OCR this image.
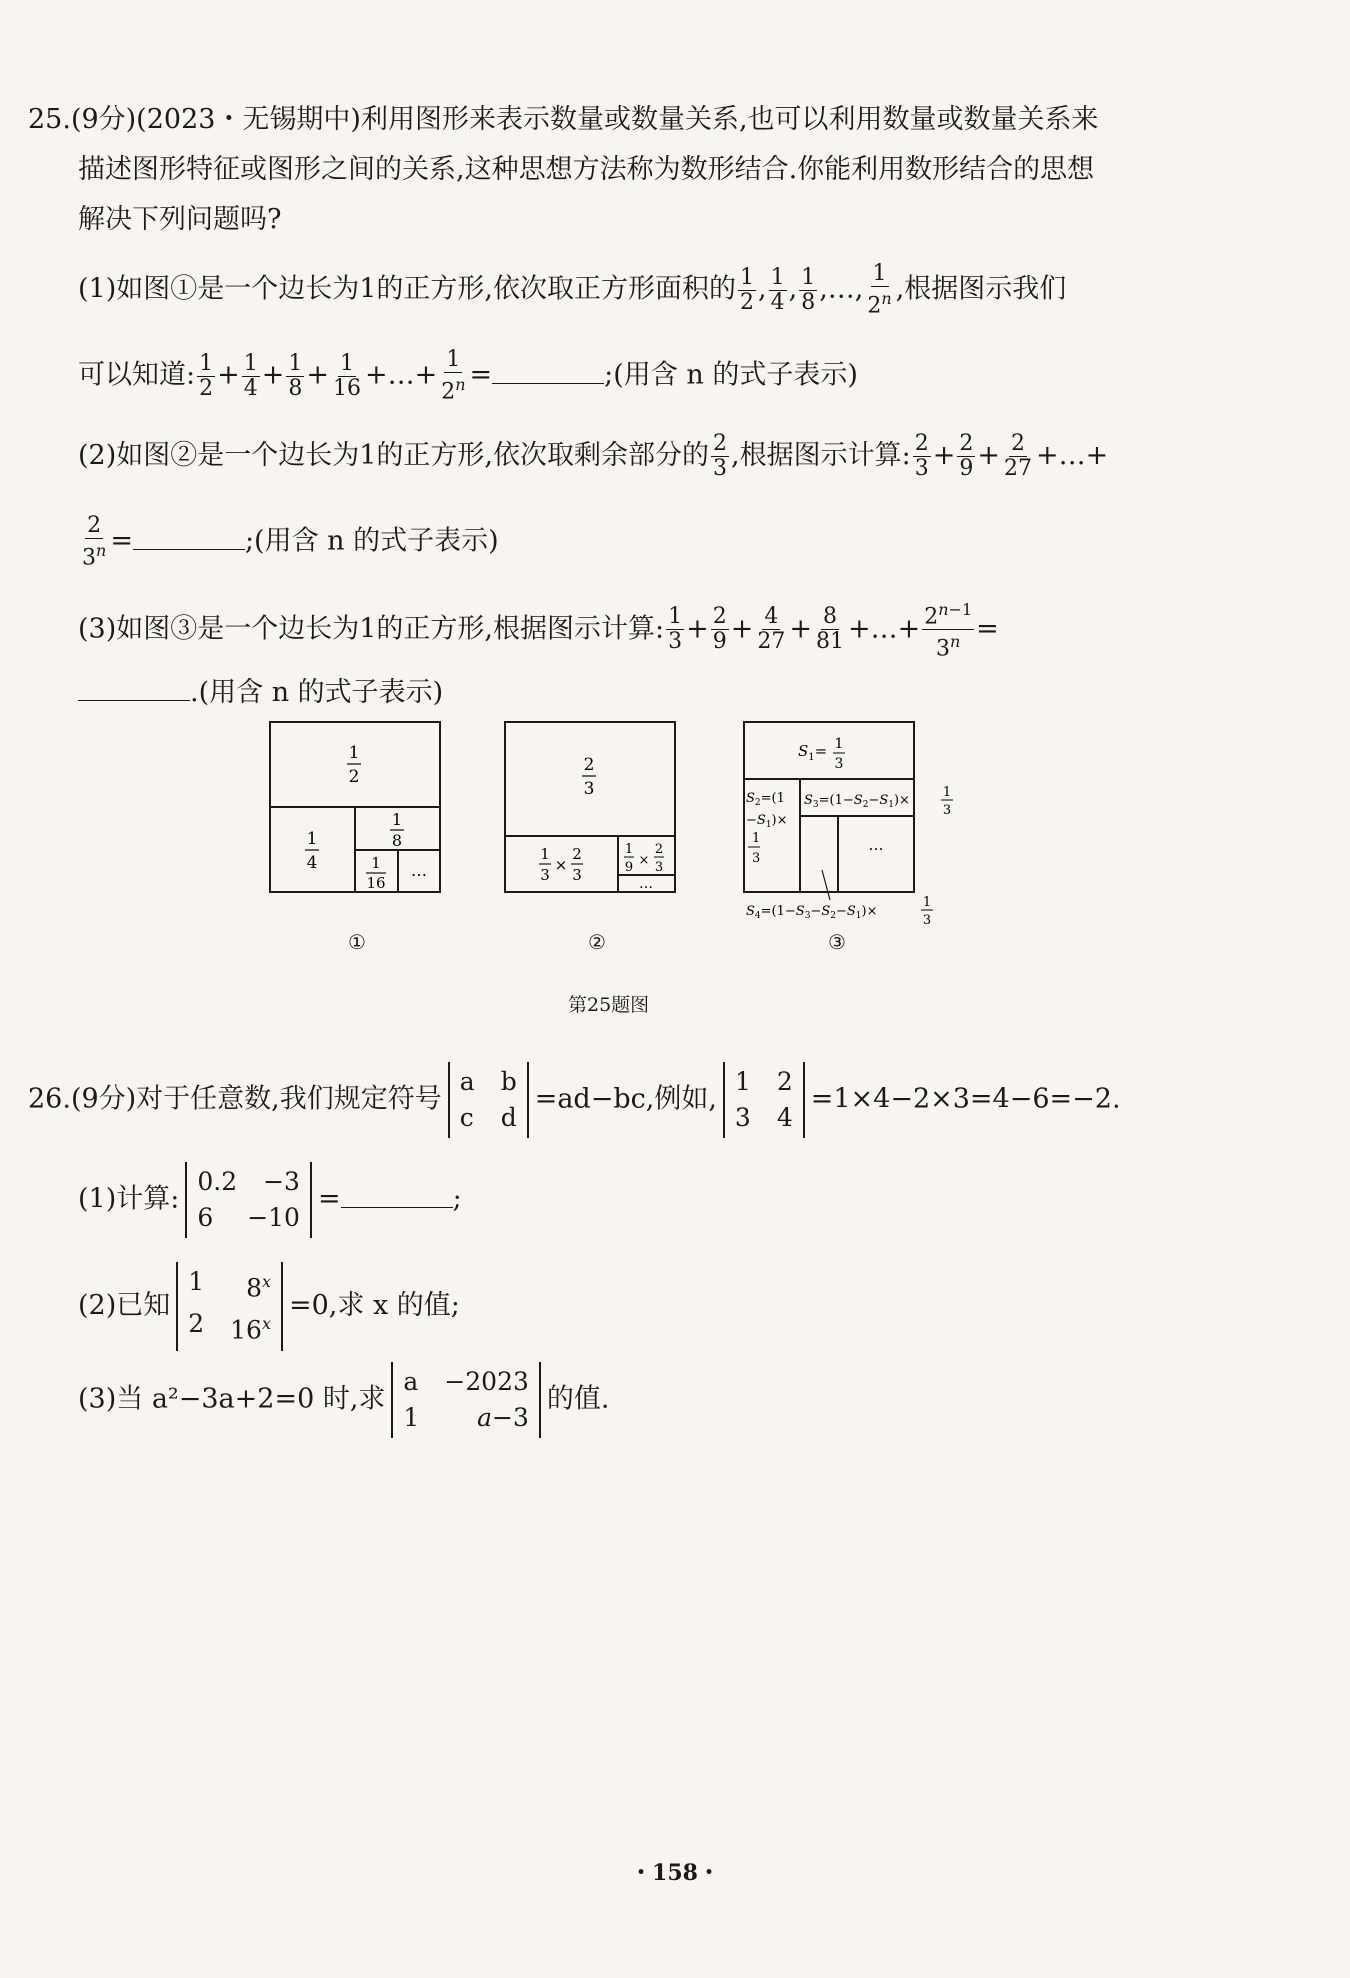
25.(9分)(2023・无锡期中)利用图形来表示数量或数量关系,也可以利用数量或数量关系来
描述图形特征或图形之间的关系,这种思想方法称为数形结合.你能利用数形结合的思想
解决下列问题吗?
(1)如图①是一个边长为1的正方形,依次取正方形面积的 $\frac{1}{2}$ , $\frac{1}{4}$ , $\frac{1}{8}$ ,…, $\frac{1}{2^n}$ ,根据图示我们
可以知道: $\frac{1}{2} + \frac{1}{4} + \frac{1}{8} + \frac{1}{16}$ +…+ $\frac{1}{2^n}$ =	;(用含 n 的式子表示)
(2)如图②是一个边长为1的正方形,依次取剩余部分的 $\frac{2}{3}$ ,根据图示计算: $\frac{2}{3} + \frac{2}{9} + \frac{2}{27}$ +…+
$\frac{2}{3^n}$ =	;(用含 n 的式子表示)
(3)如图③是一个边长为1的正方形,根据图示计算: $\frac{1}{3} + \frac{2}{9} + \frac{4}{27} + \frac{8}{81}$ +…+ $\frac{2^{n-1}}{3^n}$ =
.(用含 n 的式子表示)
1
2
1
4
1
8
1
16
…
2
3
1
3
×
2
3
1
9 ×
2
3
…
$S_1= 1$
3
$S_2=(1$
$-S_1)\times$
1
3
$S_3=(1-S_2-S_1)\times$
1
3
…
$S_4=(1-S_3-S_2-S_1)\times$
1
3
①	②	③
第25题图
26.(9分)对于任意数,我们规定符号
a b
c d
=ad−bc,例如,
1 2
3 4
=1×4−2×3=4−6=−2.
(1)计算:
0.2 −3
6 −10
=	;
(2)已知
1 8$^x$
2 $16^x$
=0,求 x 的值;
(3)当 a²−3a+2=0 时,求
a −2023
1 a−3
的值.
・158・
